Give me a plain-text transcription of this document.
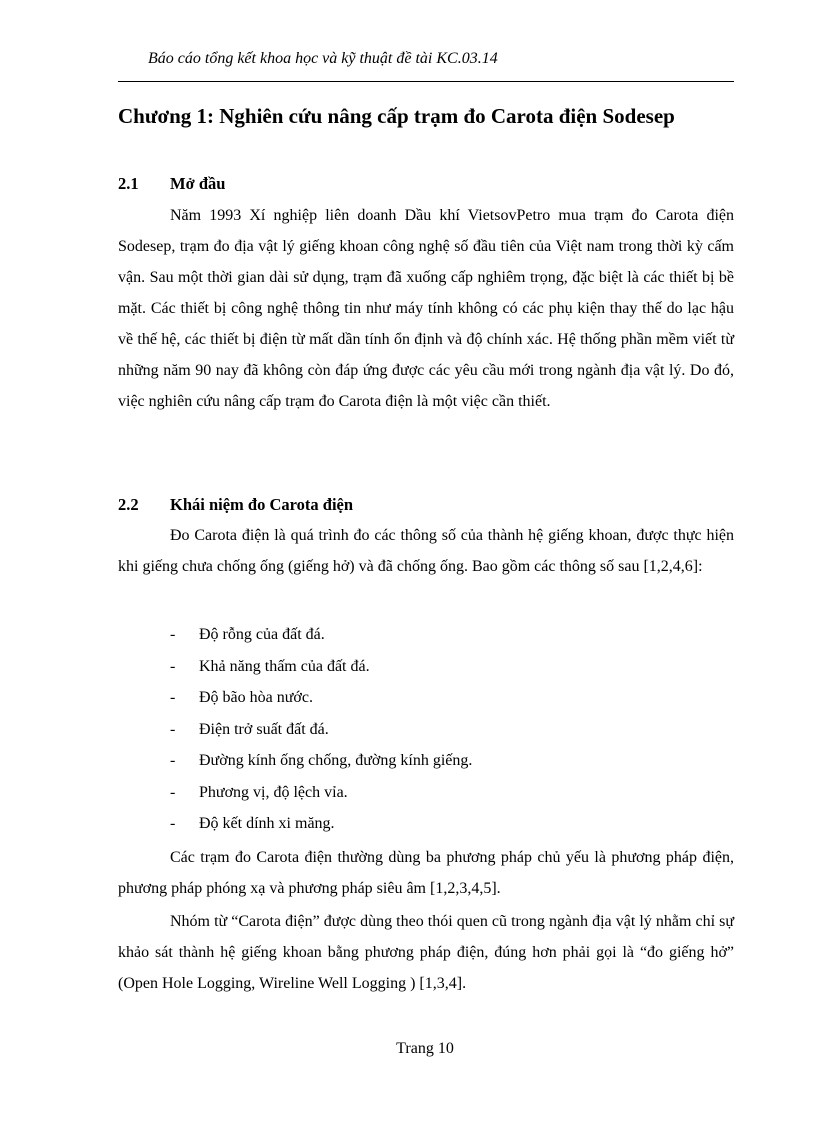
Báo cáo tổng kết khoa học và kỹ thuật đề tài KC.03.14
Chương 1: Nghiên cứu nâng cấp trạm đo Carota điện Sodesep
2.1 Mở đầu

Năm 1993 Xí nghiệp liên doanh Dầu khí VietsovPetro mua trạm đo Carota điện Sodesep, trạm đo địa vật lý giếng khoan công nghệ số đầu tiên của Việt nam trong thời kỳ cấm vận. Sau một thời gian dài sử dụng, trạm đã xuống cấp nghiêm trọng, đặc biệt là các thiết bị bề mặt. Các thiết bị công nghệ thông tin như máy tính không có các phụ kiện thay thế do lạc hậu về thế hệ, các thiết bị điện từ mất dần tính ổn định và độ chính xác. Hệ thống phần mềm viết từ những năm 90 nay đã không còn đáp ứng được các yêu cầu mới trong ngành địa vật lý. Do đó, việc nghiên cứu nâng cấp trạm đo Carota điện là một việc cần thiết.

2.2 Khái niệm đo Carota điện

Đo Carota điện là quá trình đo các thông số của thành hệ giếng khoan, được thực hiện khi giếng chưa chống ống (giếng hở) và đã chống ống. Bao gồm các thông số sau [1,2,4,6]:

- Độ rỗng của đất đá.
- Khả năng thấm của đất đá.
- Độ bão hòa nước.
- Điện trở suất đất đá.
- Đường kính ống chống, đường kính giếng.
- Phương vị, độ lệch vỉa.
- Độ kết dính xi măng.

Các trạm đo Carota điện thường dùng ba phương pháp chủ yếu là phương pháp điện, phương pháp phóng xạ và phương pháp siêu âm [1,2,3,4,5].

Nhóm từ “Carota điện” được dùng theo thói quen cũ trong ngành địa vật lý nhằm chỉ sự khảo sát thành hệ giếng khoan bằng phương pháp điện, đúng hơn phải gọi là “đo giếng hở” (Open Hole Logging, Wireline Well Logging ) [1,3,4].

Trang 10
